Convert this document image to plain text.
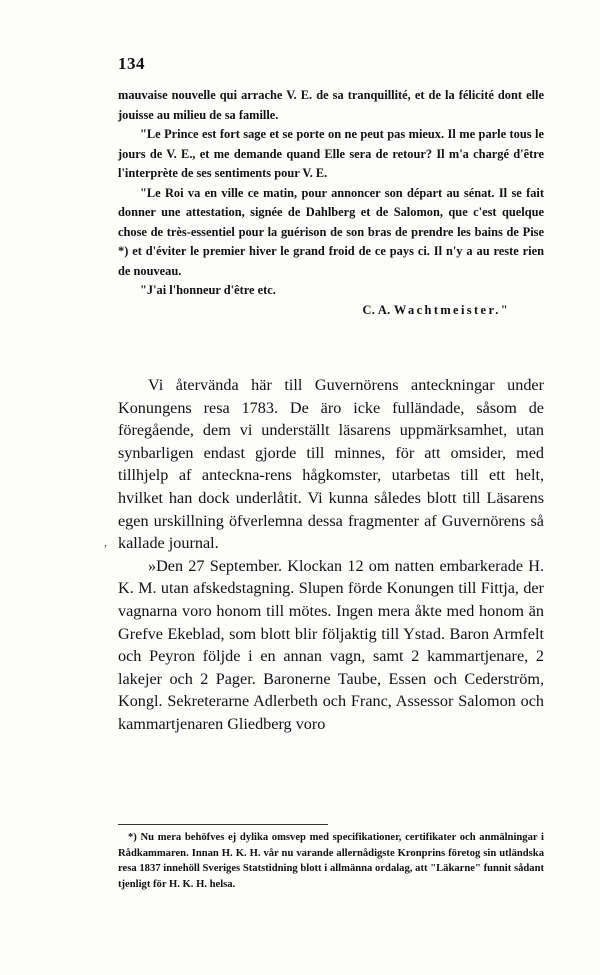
134

mauvaise nouvelle qui arrache V. E. de sa tranquillité, et de la félicité dont elle jouisse au milieu de sa famille.

"Le Prince est fort sage et se porte on ne peut pas mieux. Il me parle tous le jours de V. E., et me demande quand Elle sera de retour? Il m'a chargé d'être l'interprète de ses sentiments pour V. E.

"Le Roi va en ville ce matin, pour annoncer son départ au sénat. Il se fait donner une attestation, signée de Dahlberg et de Salomon, que c'est quelque chose de très-essentiel pour la guérison de son bras de prendre les bains de Pise *) et d'éviter le premier hiver le grand froid de ce pays ci. Il n'y a au reste rien de nouveau.

"J'ai l'honneur d'être etc.

C. A. Wachtmeister."

,

Vi återvända här till Guvernörens anteckningar under Konungens resa 1783. De äro icke fulländade, såsom de föregående, dem vi underställt läsarens uppmärksamhet, utan synbarligen endast gjorde till minnes, för att omsider, med tillhjelp af anteckna-rens hågkomster, utarbetas till ett helt, hvilket han dock underlåtit. Vi kunna således blott till Läsarens egen urskillning öfverlemna dessa fragmenter af Guvernörens så kallade journal.

»Den 27 September. Klockan 12 om natten embarkerade H. K. M. utan afskedstagning. Slupen förde Konungen till Fittja, der vagnarna voro honom till mötes. Ingen mera åkte med honom än Grefve Ekeblad, som blott blir följaktig till Ystad. Baron Armfelt och Peyron följde i en annan vagn, samt 2 kammartjenare, 2 lakejer och 2 Pager. Baronerne Taube, Essen och Cederström, Kongl. Sekreterarne Adlerbeth och Franc, Assessor Salomon och kammartjenaren Gliedberg voro

*) Nu mera behöfves ej dylika omsvep med specifikationer, certifikater och anmälningar i Rådkammaren. Innan H. K. H. vår nu varande allernådigste Kronprins företog sin utländska resa 1837 innehöll Sveriges Statstidning blott i allmänna ordalag, att "Läkarne" funnit sådant tjenligt för H. K. H. helsa.
